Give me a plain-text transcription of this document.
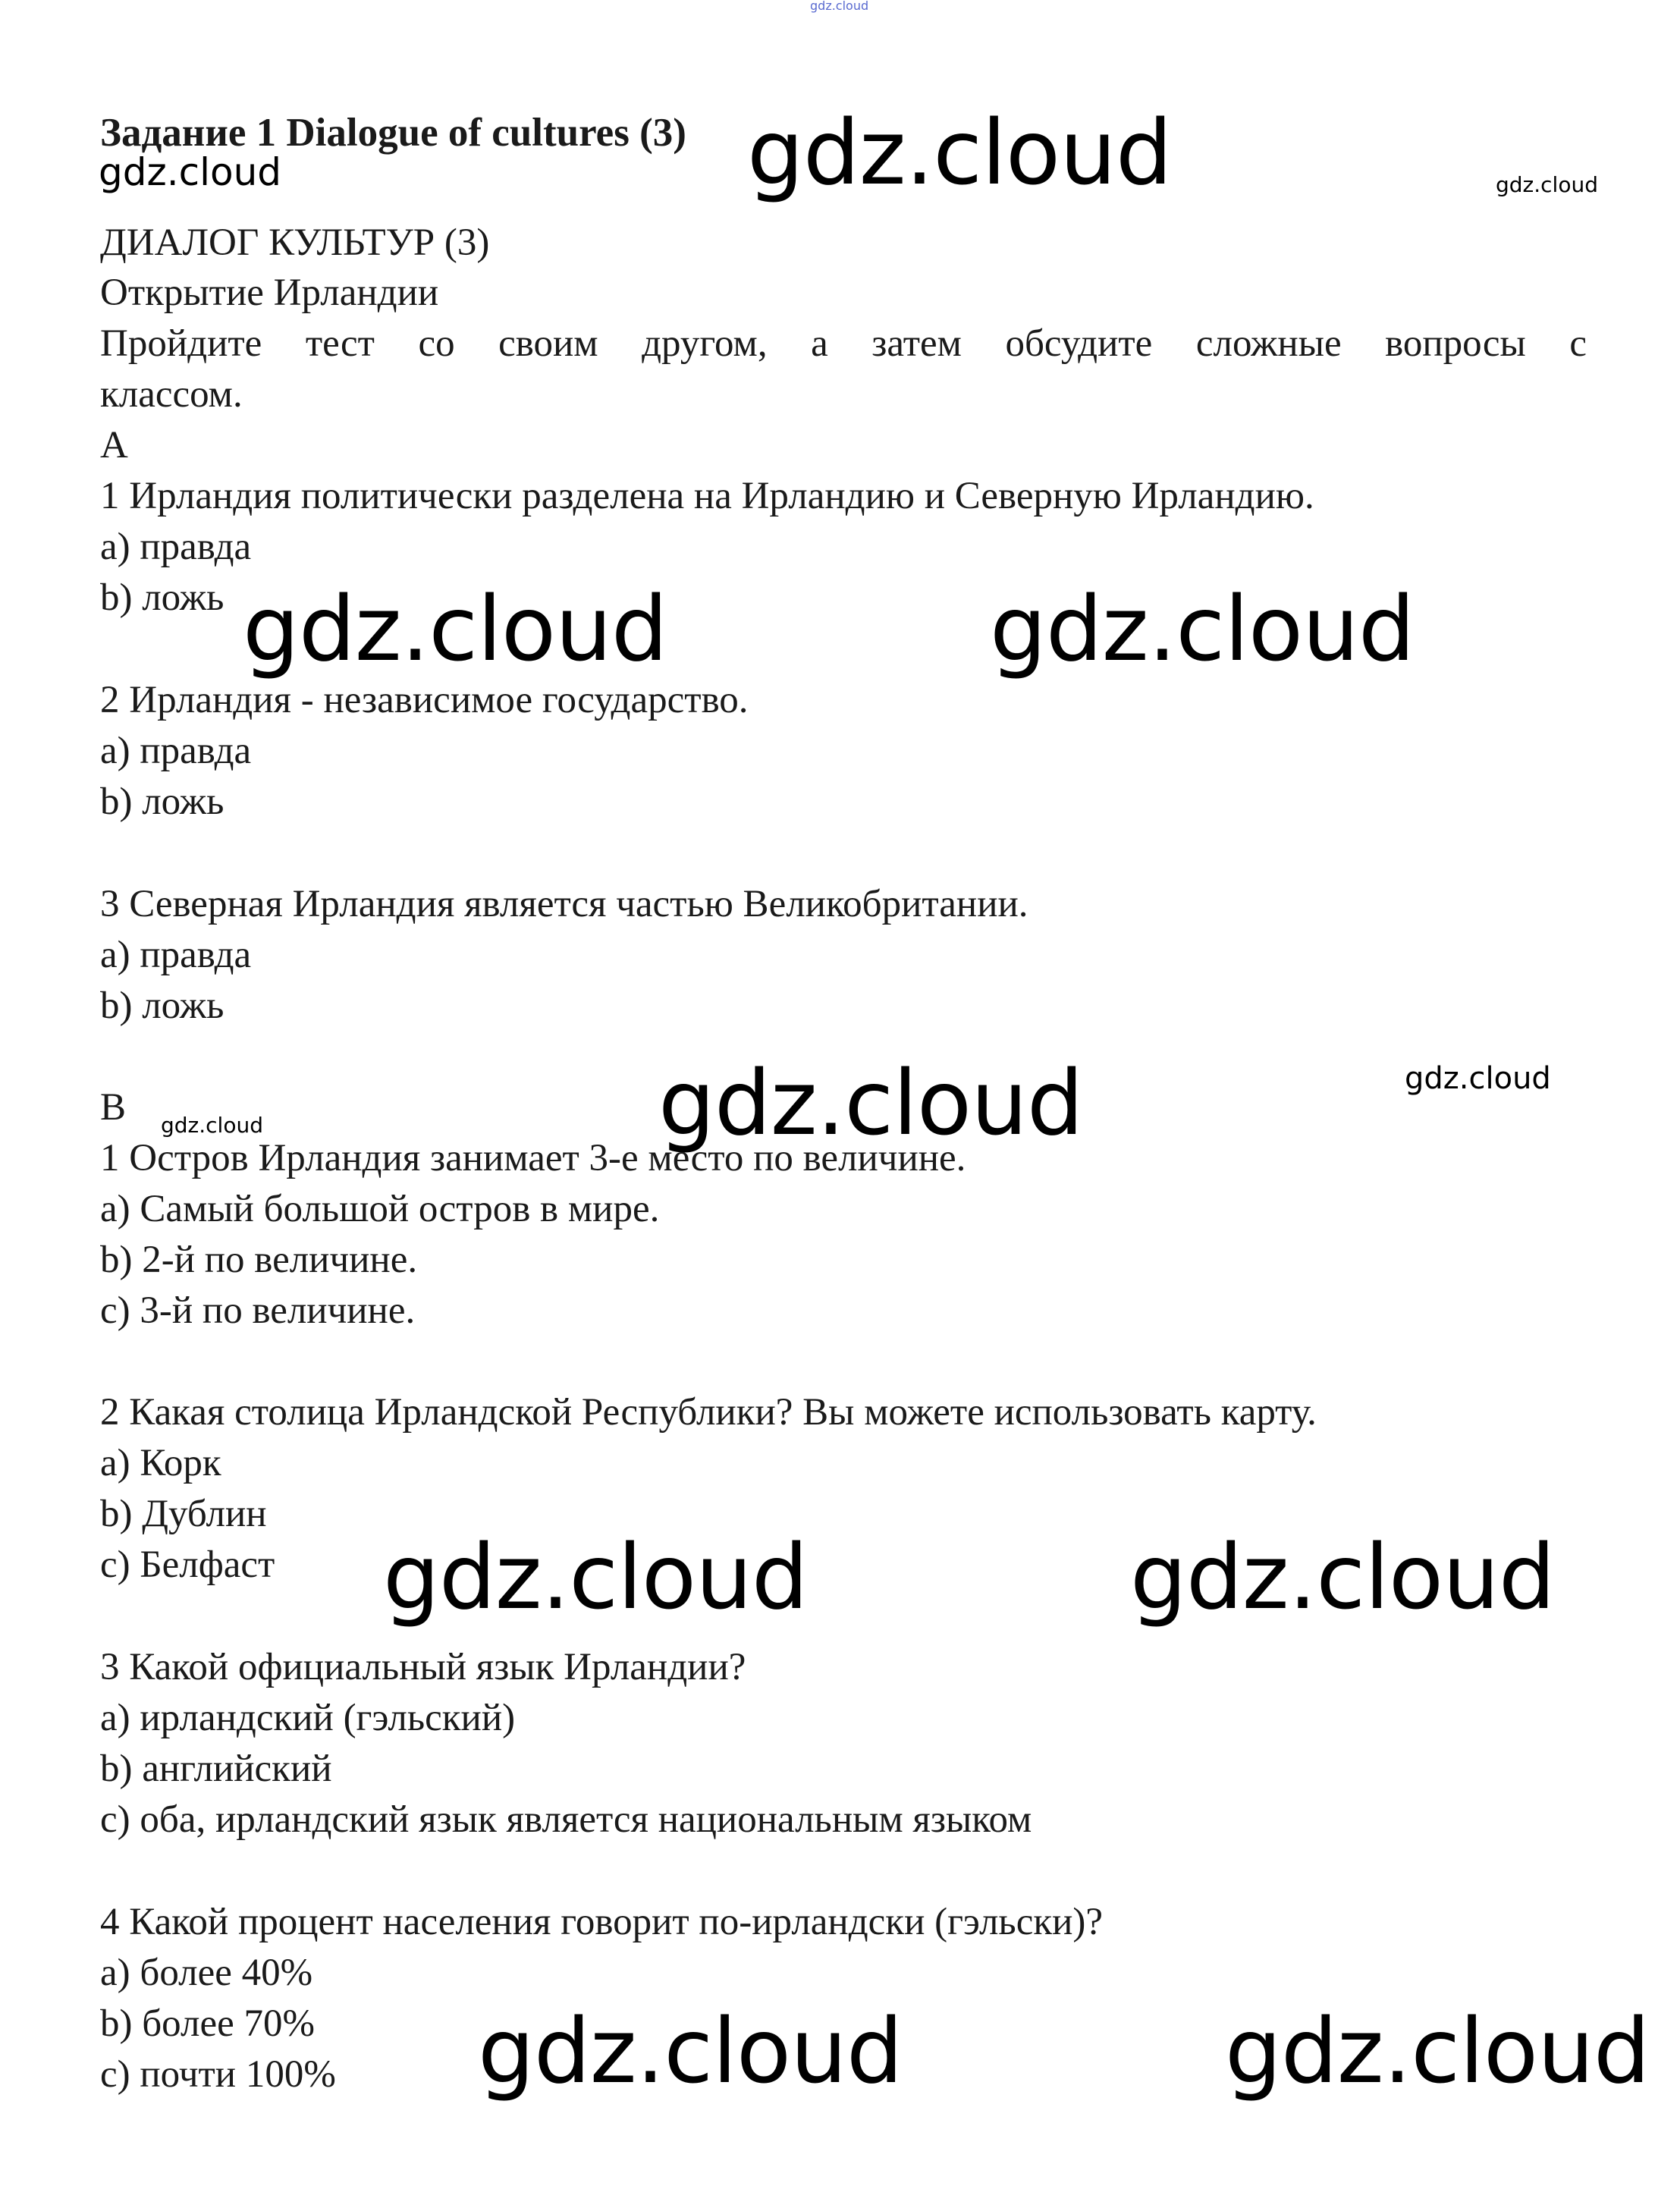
gdz.cloud
gdz.cloud
gdz.cloud	gdz.cloud
gdz.cloud	gdz.cloud
gdz.cloud	gdz.cloud
gdz.cloud
gdz.cloud	gdz.cloud
gdz.cloud	gdz.cloud
Задание 1 Dialogue of cultures (3)
ДИАЛОГ КУЛЬТУР (3)
Открытие Ирландии
Пройдите тест со своим другом, а затем обсудите сложные вопросы с
классом.
А
1 Ирландия политически разделена на Ирландию и Северную Ирландию.
а) правда
b) ложь
2 Ирландия - независимое государство.
а) правда
b) ложь
3 Северная Ирландия является частью Великобритании.
а) правда
b) ложь
В
1 Остров Ирландия занимает 3-е место по величине.
а) Самый большой остров в мире.
b) 2-й по величине.
с) 3-й по величине.
2 Какая столица Ирландской Республики? Вы можете использовать карту.
а) Корк
b) Дублин
с) Белфаст
3 Какой официальный язык Ирландии?
а) ирландский (гэльский)
b) английский
с) оба, ирландский язык является национальным языком
4 Какой процент населения говорит по-ирландски (гэльски)?
а) более 40%
b) более 70%
с) почти 100%
